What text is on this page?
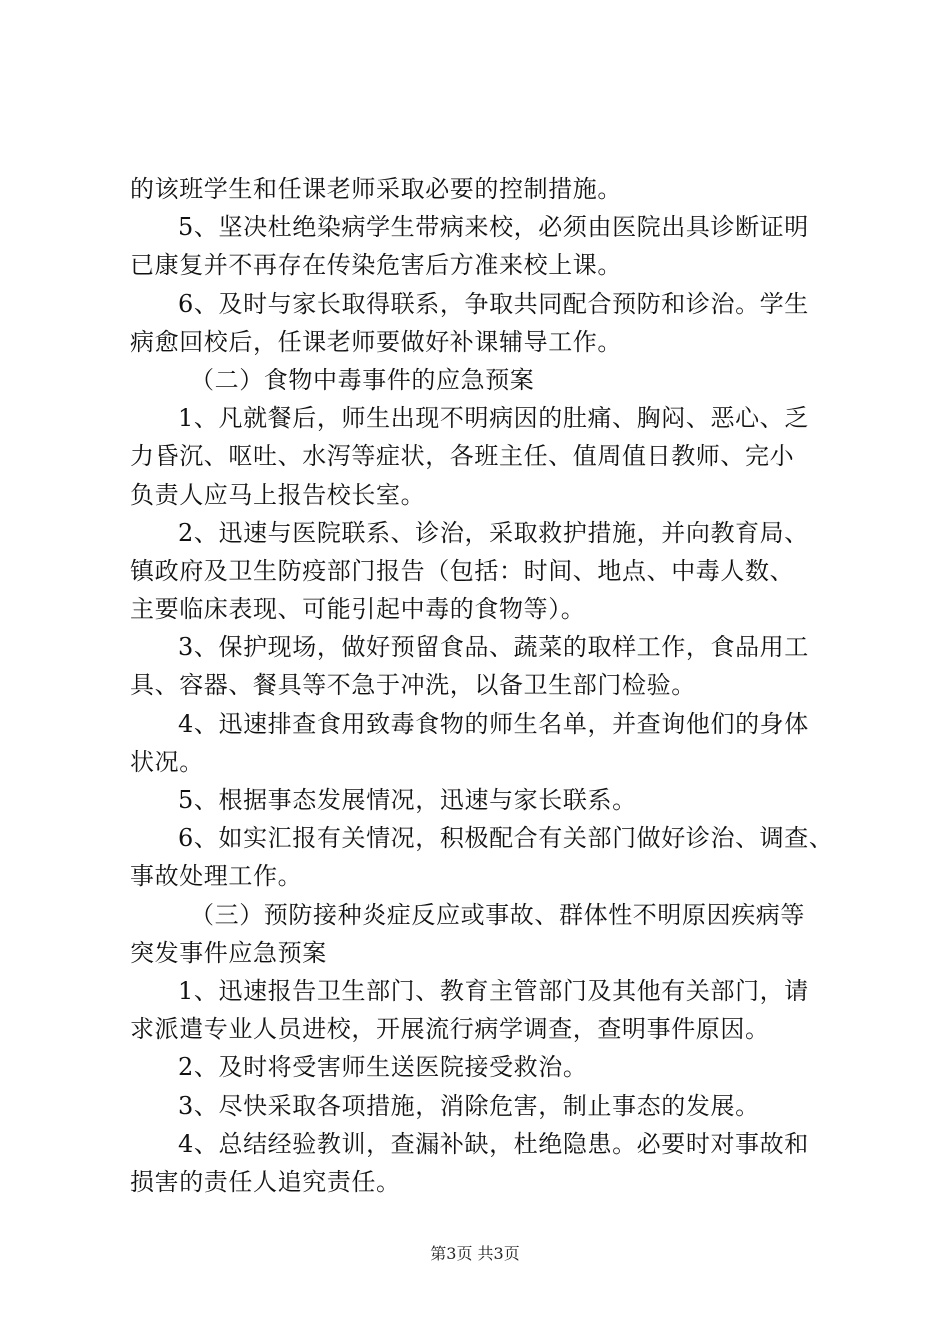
的该班学生和任课老师采取必要的控制措施。
5、坚决杜绝染病学生带病来校，必须由医院出具诊断证明
已康复并不再存在传染危害后方准来校上课。
6、及时与家长取得联系，争取共同配合预防和诊治。学生
病愈回校后，任课老师要做好补课辅导工作。
（二）食物中毒事件的应急预案
1、凡就餐后，师生出现不明病因的肚痛、胸闷、恶心、乏
力昏沉、呕吐、水泻等症状，各班主任、值周值日教师、完小
负责人应马上报告校长室。
2、迅速与医院联系、诊治，采取救护措施，并向教育局、
镇政府及卫生防疫部门报告（包括：时间、地点、中毒人数、
主要临床表现、可能引起中毒的食物等）。
3、保护现场，做好预留食品、蔬菜的取样工作，食品用工
具、容器、餐具等不急于冲洗，以备卫生部门检验。
4、迅速排查食用致毒食物的师生名单，并查询他们的身体
状况。
5、根据事态发展情况，迅速与家长联系。
6、如实汇报有关情况，积极配合有关部门做好诊治、调查、
事故处理工作。
（三）预防接种炎症反应或事故、群体性不明原因疾病等
突发事件应急预案
1、迅速报告卫生部门、教育主管部门及其他有关部门，请
求派遣专业人员进校，开展流行病学调查，查明事件原因。
2、及时将受害师生送医院接受救治。
3、尽快采取各项措施，消除危害，制止事态的发展。
4、总结经验教训，查漏补缺，杜绝隐患。必要时对事故和
损害的责任人追究责任。
第3页 共3页
